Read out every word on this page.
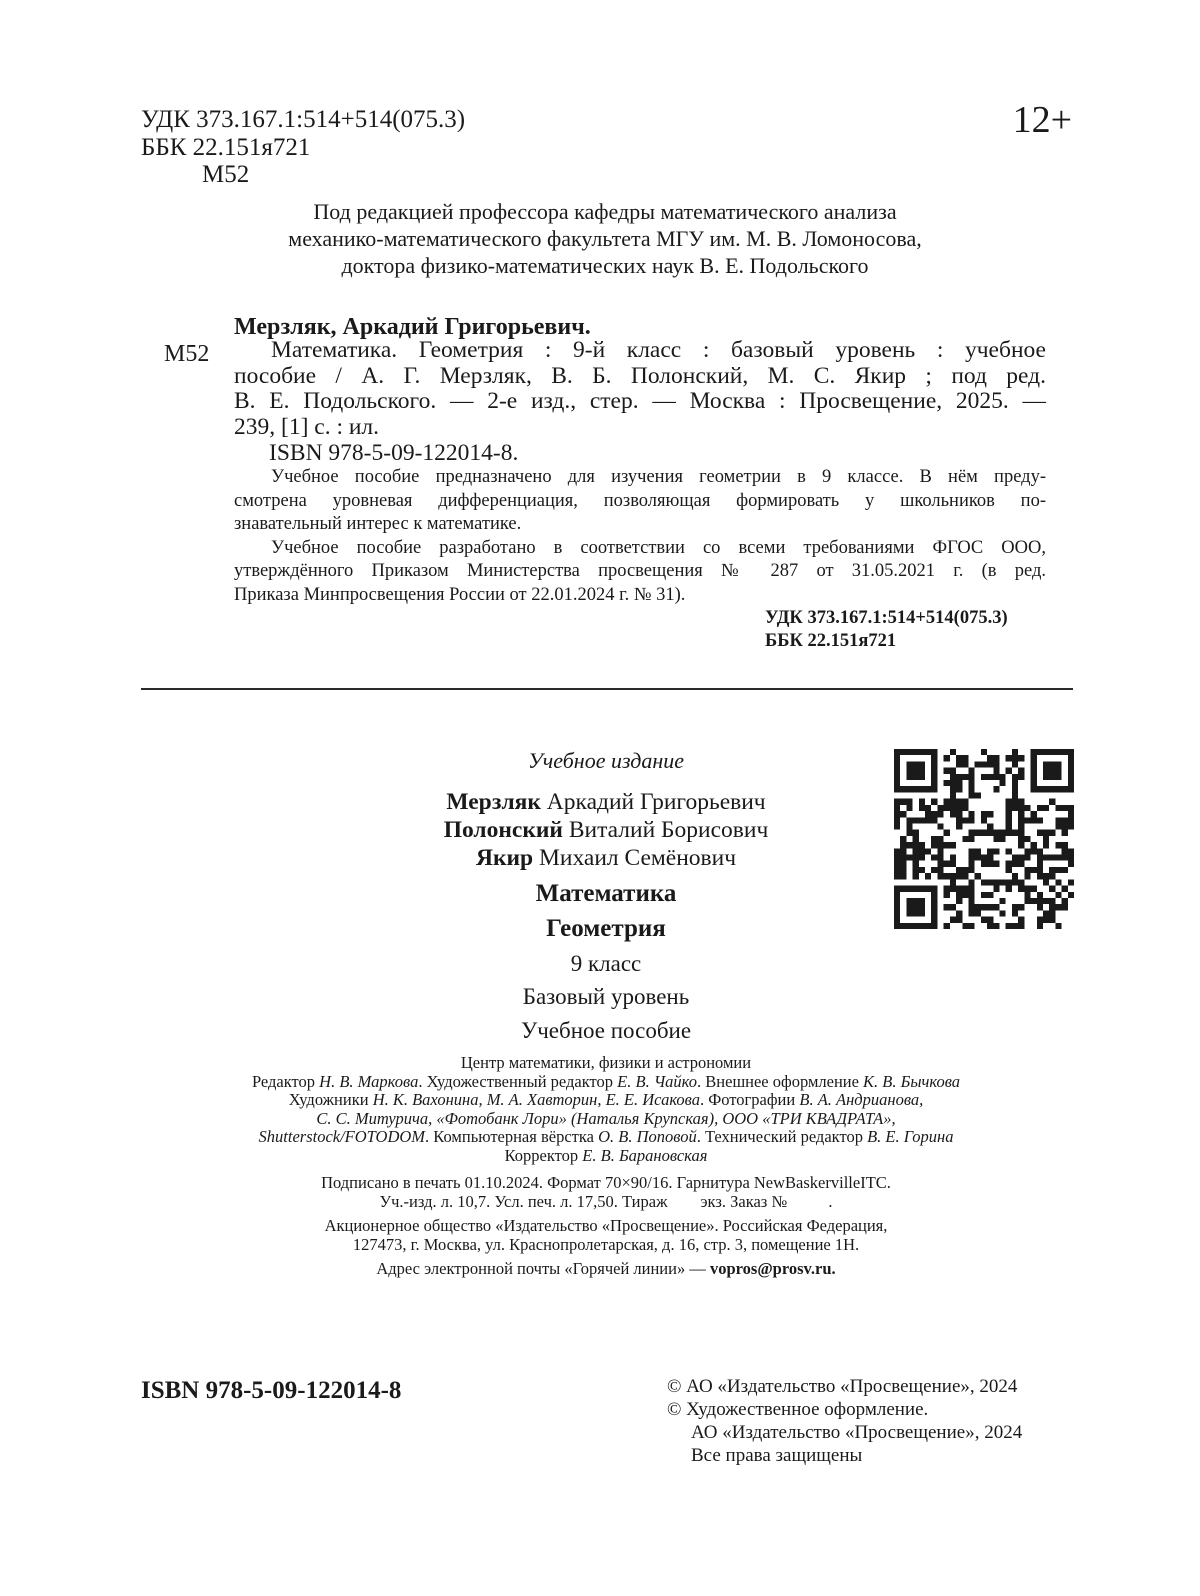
УДК 373.167.1:514+514(075.3)
ББК 22.151я721
М52
12+
Под редакцией профессора кафедры математического анализа
механико-математического факультета МГУ им. М. В. Ломоносова,
доктора физико-математических наук В. Е. Подольского
Мерзляк, Аркадий Григорьевич.
М52	Математика. Геометрия : 9-й класс : базовый уровень : учебное
пособие / А. Г. Мерзляк, В. Б. Полонский, М. С. Якир ; под ред.
В. Е. Подольского. — 2-е изд., стер. — Москва : Просвещение, 2025. —
239, [1] с. : ил.
ISBN 978-5-09-122014-8.
Учебное пособие предназначено для изучения геометрии в 9 классе. В нём преду-
смотрена уровневая дифференциация, позволяющая формировать у школьников по-
знавательный интерес к математике.
Учебное пособие разработано в соответствии со всеми требованиями ФГОС ООО,
утверждённого Приказом Министерства просвещения № 287 от 31.05.2021 г. (в ред.
Приказа Минпросвещения России от 22.01.2024 г. № 31).
УДК 373.167.1:514+514(075.3)
ББК 22.151я721
Учебное издание
Мерзляк Аркадий Григорьевич
Полонский Виталий Борисович
Якир Михаил Семёнович
Математика
Геометрия
9 класс
Базовый уровень
Учебное пособие
Центр математики, физики и астрономии
Редактор Н. В. Маркова. Художественный редактор Е. В. Чайко. Внешнее оформление К. В. Бычкова
Художники Н. К. Вахонина, М. А. Хавторин, Е. Е. Исакова. Фотографии В. А. Андрианова,
С. С. Митурича, «Фотобанк Лори» (Наталья Крупская), ООО «ТРИ КВАДРАТА»,
Shutterstock/FOTODOM. Компьютерная вёрстка О. В. Поповой. Технический редактор В. Е. Горина
Корректор Е. В. Барановская
Подписано в печать 01.10.2024. Формат 70×90/16. Гарнитура NewBaskervilleITC.
Уч.-изд. л. 10,7. Усл. печ. л. 17,50. Тираж        экз. Заказ №          .
Акционерное общество «Издательство «Просвещение». Российская Федерация,
127473, г. Москва, ул. Краснопролетарская, д. 16, стр. 3, помещение 1Н.
Адрес электронной почты «Горячей линии» — vopros@prosv.ru.
ISBN 978-5-09-122014-8	© АО «Издательство «Просвещение», 2024
© Художественное оформление.
АО «Издательство «Просвещение», 2024
Все права защищены
